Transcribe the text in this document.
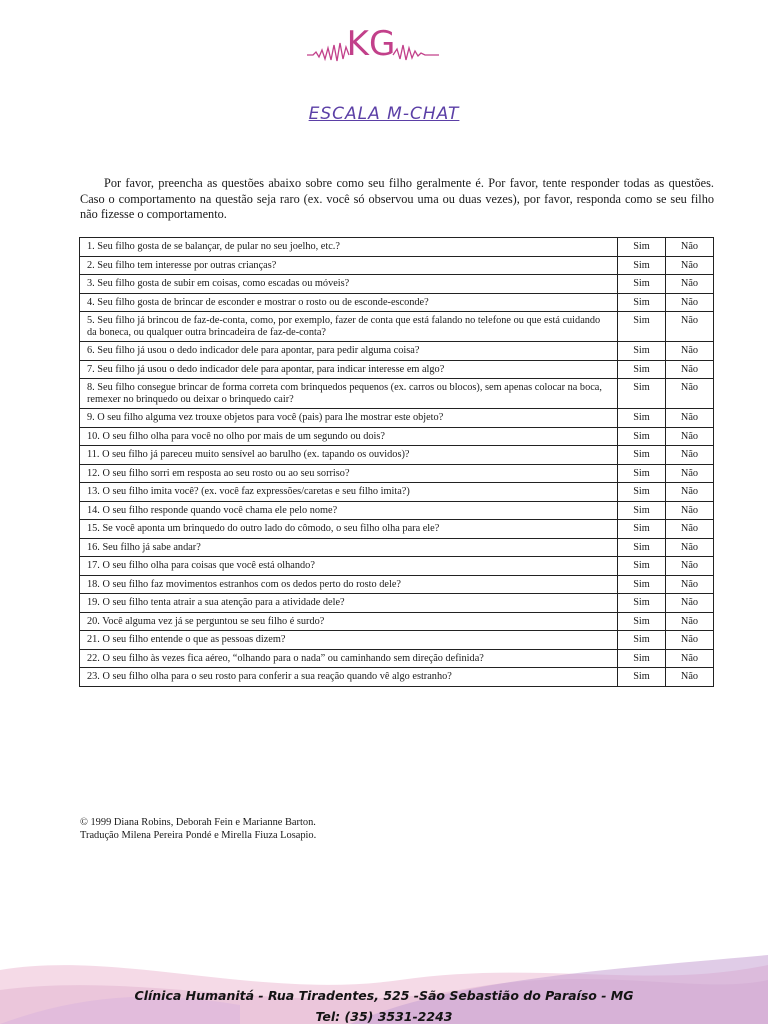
KG
ESCALA M-CHAT
Por favor, preencha as questões abaixo sobre como seu filho geralmente é. Por favor, tente responder todas as questões. Caso o comportamento na questão seja raro (ex. você só observou uma ou duas vezes), por favor, responda como se seu filho não fizesse o comportamento.
1. Seu filho gosta de se balançar, de pular no seu joelho, etc.?	Sim	Não
2. Seu filho tem interesse por outras crianças?	Sim	Não
3. Seu filho gosta de subir em coisas, como escadas ou móveis?	Sim	Não
4. Seu filho gosta de brincar de esconder e mostrar o rosto ou de esconde-esconde?	Sim	Não
5. Seu filho já brincou de faz-de-conta, como, por exemplo, fazer de conta que está falando no telefone ou que está cuidando da boneca, ou qualquer outra brincadeira de faz-de-conta?	Sim	Não
6. Seu filho já usou o dedo indicador dele para apontar, para pedir alguma coisa?	Sim	Não
7. Seu filho já usou o dedo indicador dele para apontar, para indicar interesse em algo?	Sim	Não
8. Seu filho consegue brincar de forma correta com brinquedos pequenos (ex. carros ou blocos), sem apenas colocar na boca, remexer no brinquedo ou deixar o brinquedo cair?	Sim	Não
9. O seu filho alguma vez trouxe objetos para você (pais) para lhe mostrar este objeto?	Sim	Não
10. O seu filho olha para você no olho por mais de um segundo ou dois?	Sim	Não
11. O seu filho já pareceu muito sensível ao barulho (ex. tapando os ouvidos)?	Sim	Não
12. O seu filho sorri em resposta ao seu rosto ou ao seu sorriso?	Sim	Não
13. O seu filho imita você? (ex. você faz expressões/caretas e seu filho imita?)	Sim	Não
14. O seu filho responde quando você chama ele pelo nome?	Sim	Não
15. Se você aponta um brinquedo do outro lado do cômodo, o seu filho olha para ele?	Sim	Não
16. Seu filho já sabe andar?	Sim	Não
17. O seu filho olha para coisas que você está olhando?	Sim	Não
18. O seu filho faz movimentos estranhos com os dedos perto do rosto dele?	Sim	Não
19. O seu filho tenta atrair a sua atenção para a atividade dele?	Sim	Não
20. Você alguma vez já se perguntou se seu filho é surdo?	Sim	Não
21. O seu filho entende o que as pessoas dizem?	Sim	Não
22. O seu filho às vezes fica aéreo, “olhando para o nada” ou caminhando sem direção definida?	Sim	Não
23. O seu filho olha para o seu rosto para conferir a sua reação quando vê algo estranho?	Sim	Não
© 1999 Diana Robins, Deborah Fein e Marianne Barton.
Tradução Milena Pereira Pondé e Mirella Fiuza Losapio.
Clínica Humanitá - Rua Tiradentes, 525 -São Sebastião do Paraíso - MG
Tel: (35) 3531-2243
